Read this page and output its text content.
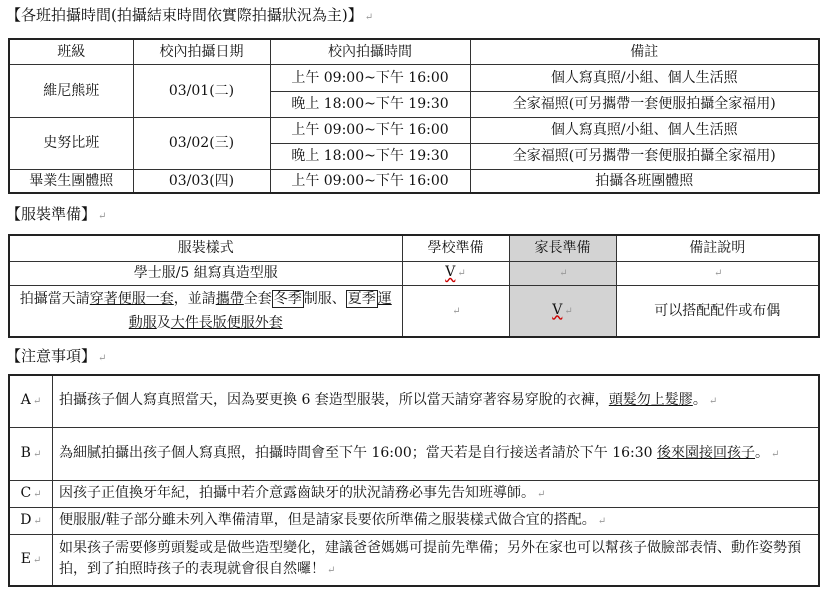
【各班拍攝時間(拍攝結束時間依實際拍攝狀況為主)】 ↵
班級	校內拍攝日期	校內拍攝時間	備註
維尼熊班	03/01(二)	上午 09:00~下午 16:00	個人寫真照/小組、個人生活照
		晚上 18:00~下午 19:30	全家福照(可另攜帶一套便服拍攝全家福用)
史努比班	03/02(三)	上午 09:00~下午 16:00	個人寫真照/小組、個人生活照
		晚上 18:00~下午 19:30	全家福照(可另攜帶一套便服拍攝全家福用)
畢業生團體照	03/03(四)	上午 09:00~下午 16:00	拍攝各班團體照
【服裝準備】 ↵
服裝樣式	學校準備	家長準備	備註說明
學士服/5 組寫真造型服	V ↵	↵	↵
拍攝當天請穿著便服一套，並請攜帶全套 冬季 制服、 夏季 運動服及大件長版便服外套	↵	V ↵	可以搭配配件或布偶
【注意事項】 ↵
A ↵	拍攝孩子個人寫真照當天，因為要更換 6 套造型服裝，所以當天請穿著容易穿脫的衣褲，頭髮勿上髮膠。 ↵
B ↵	為細膩拍攝出孩子個人寫真照，拍攝時間會至下午 16:00；當天若是自行接送者請於下午 16:30 後來園接回孩子。 ↵
C ↵	因孩子正值換牙年紀，拍攝中若介意露齒缺牙的狀況請務必事先告知班導師。 ↵
D ↵	便服服/鞋子部分雖未列入準備清單，但是請家長要依所準備之服裝樣式做合宜的搭配。 ↵
E ↵	如果孩子需要修剪頭髮或是做些造型變化，建議爸爸媽媽可提前先準備；另外在家也可以幫孩子做臉部表情、動作姿勢預拍，到了拍照時孩子的表現就會很自然囉！ ↵
